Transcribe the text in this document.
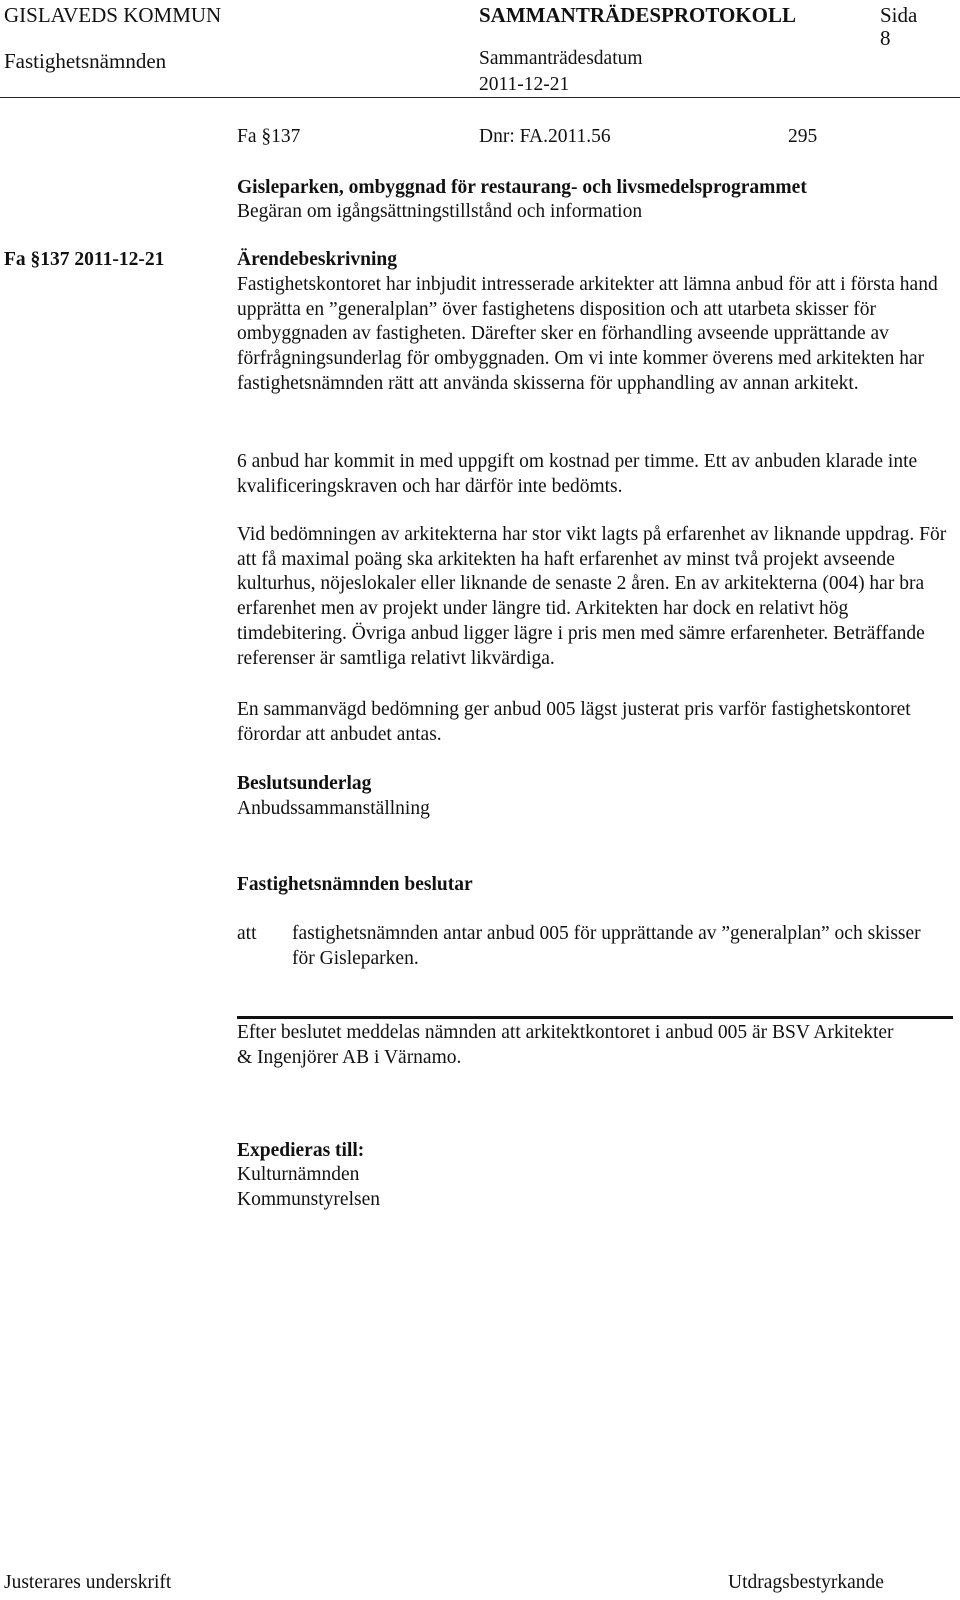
GISLAVEDS KOMMUN	SAMMANTRÄDESPROTOKOLL	Sida
8
Fastighetsnämnden	Sammanträdesdatum
2011-12-21
Fa §137	Dnr: FA.2011.56	295
Gisleparken, ombyggnad för restaurang- och livsmedelsprogrammet
Begäran om igångsättningstillstånd och information
Fa §137 2011-12-21	Ärendebeskrivning
Fastighetskontoret har inbjudit intresserade arkitekter att lämna anbud för att i första hand upprätta en ”generalplan” över fastighetens disposition och att utarbeta skisser för ombyggnaden av fastigheten. Därefter sker en förhandling avseende upprättande av förfrågningsunderlag för ombyggnaden. Om vi inte kommer överens med arkitekten har fastighetsnämnden rätt att använda skisserna för upphandling av annan arkitekt.
6 anbud har kommit in med uppgift om kostnad per timme. Ett av anbuden klarade inte kvalificeringskraven och har därför inte bedömts.
Vid bedömningen av arkitekterna har stor vikt lagts på erfarenhet av liknande uppdrag. För att få maximal poäng ska arkitekten ha haft erfarenhet av minst två projekt avseende kulturhus, nöjeslokaler eller liknande de senaste 2 åren. En av arkitekterna (004) har bra erfarenhet men av projekt under längre tid. Arkitekten har dock en relativt hög timdebitering. Övriga anbud ligger lägre i pris men med sämre erfarenheter. Beträffande referenser är samtliga relativt likvärdiga.
En sammanvägd bedömning ger anbud 005 lägst justerat pris varför fastighetskontoret förordar att anbudet antas.
Beslutsunderlag
Anbudssammanställning
Fastighetsnämnden beslutar
att fastighetsnämnden antar anbud 005 för upprättande av ”generalplan” och skisser för Gisleparken.
Efter beslutet meddelas nämnden att arkitektkontoret i anbud 005 är BSV Arkitekter & Ingenjörer AB i Värnamo.
Expedieras till:
Kulturnämnden
Kommunstyrelsen
Justerares underskrift	Utdragsbestyrkande
